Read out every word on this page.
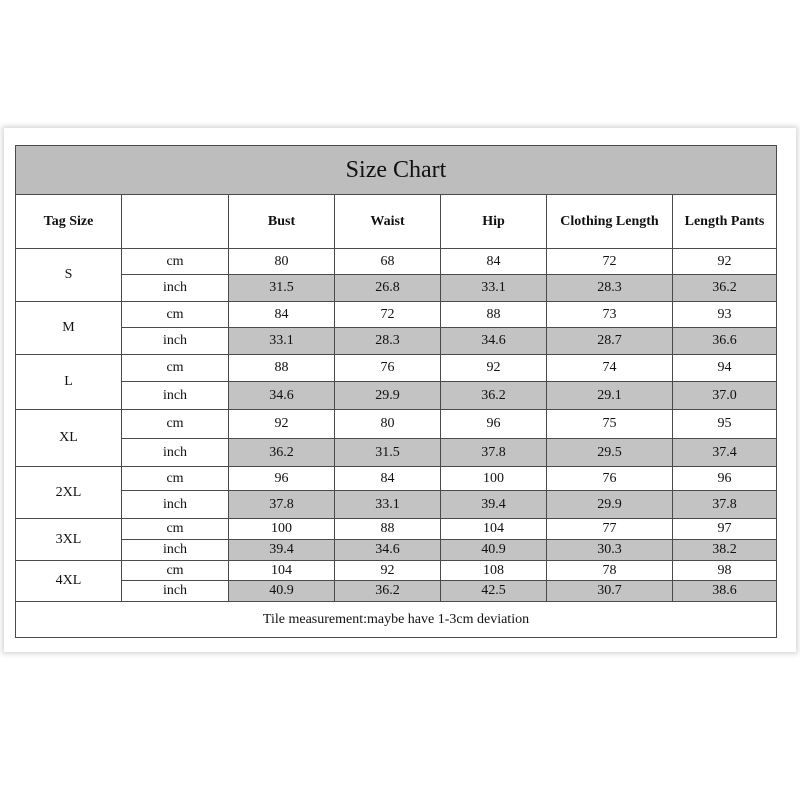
Size Chart						
Tag Size		Bust	Waist	Hip	Clothing Length	Length Pants
S	cm	80	68	84	72	92
	inch	31.5	26.8	33.1	28.3	36.2
M	cm	84	72	88	73	93
	inch	33.1	28.3	34.6	28.7	36.6
L	cm	88	76	92	74	94
	inch	34.6	29.9	36.2	29.1	37.0
XL	cm	92	80	96	75	95
	inch	36.2	31.5	37.8	29.5	37.4
2XL	cm	96	84	100	76	96
	inch	37.8	33.1	39.4	29.9	37.8
3XL	cm	100	88	104	77	97
	inch	39.4	34.6	40.9	30.3	38.2
4XL	cm	104	92	108	78	98
	inch	40.9	36.2	42.5	30.7	38.6
Tile measurement:maybe have 1-3cm deviation						
